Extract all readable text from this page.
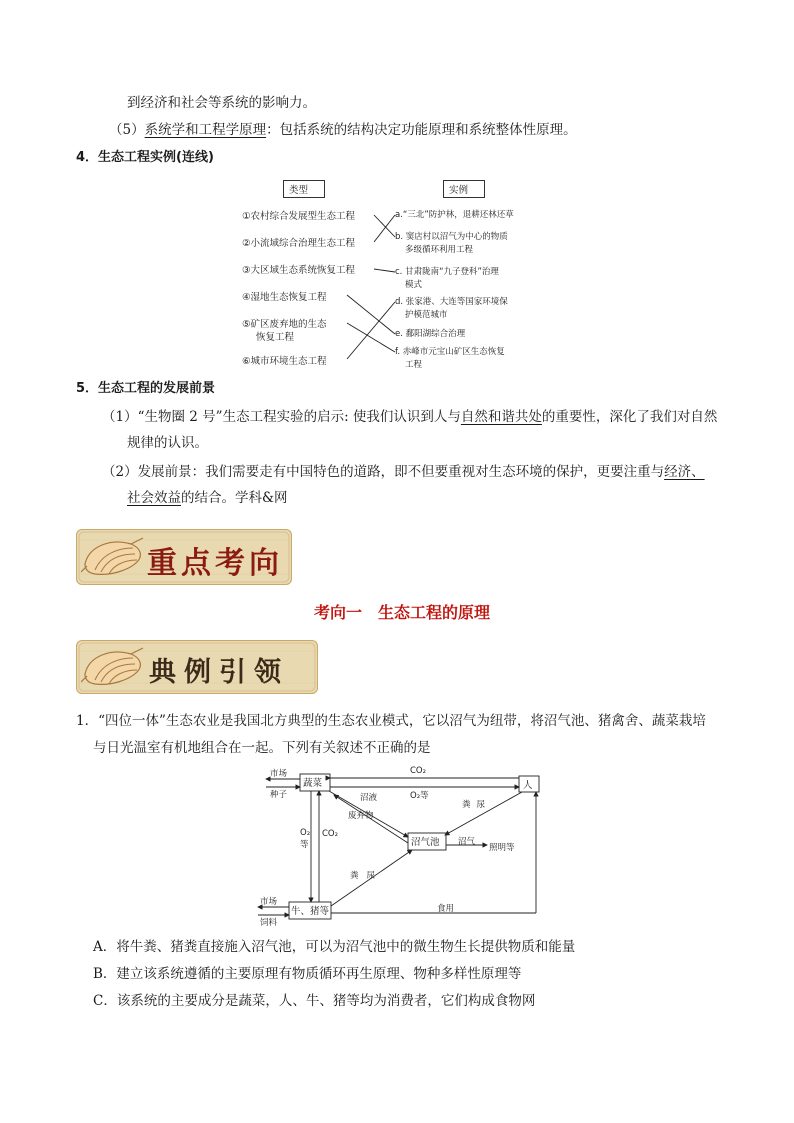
到经济和社会等系统的影响力。
（5）系统学和工程学原理：包括系统的结构决定功能原理和系统整体性原理。
4．生态工程实例(连线)
类型	实例
①农村综合发展型生态工程
②小流域综合治理生态工程
③大区域生态系统恢复工程
④湿地生态恢复工程
⑤矿区废弃地的生态
恢复工程
⑥城市环境生态工程
a.“三北”防护林，退耕还林还草
b. 窦店村以沼气为中心的物质
多级循环利用工程
c. 甘肃陇南“九子登科”治理
模式
d. 张家港、大连等国家环境保
护模范城市
e. 鄱阳湖综合治理
f. 赤峰市元宝山矿区生态恢复
工程
5．生态工程的发展前景
（1）“生物圈 2 号”生态工程实验的启示: 使我们认识到人与自然和谐共处的重要性，深化了我们对自然
规律的认识。
（2）发展前景：我们需要走有中国特色的道路，即不但要重视对生态环境的保护，更要注重与经济、
社会效益的结合。学科&网
重点考向
考向一　生态工程的原理
典例引领
1．“四位一体”生态农业是我国北方典型的生态农业模式，它以沼气为纽带，将沼气池、猪禽舍、蔬菜栽培
与日光温室有机地组合在一起。下列有关叙述不正确的是
市场
种子
蔬菜	人
CO₂
O₂等
沼液
废弃物
粪尿
沼气池 沼气
照明等
O₂等
CO₂
粪尿
市场
饲料
牛、猪等	食用
A．将牛粪、猪粪直接施入沼气池，可以为沼气池中的微生物生长提供物质和能量
B．建立该系统遵循的主要原理有物质循环再生原理、物种多样性原理等
C．该系统的主要成分是蔬菜，人、牛、猪等均为消费者，它们构成食物网
